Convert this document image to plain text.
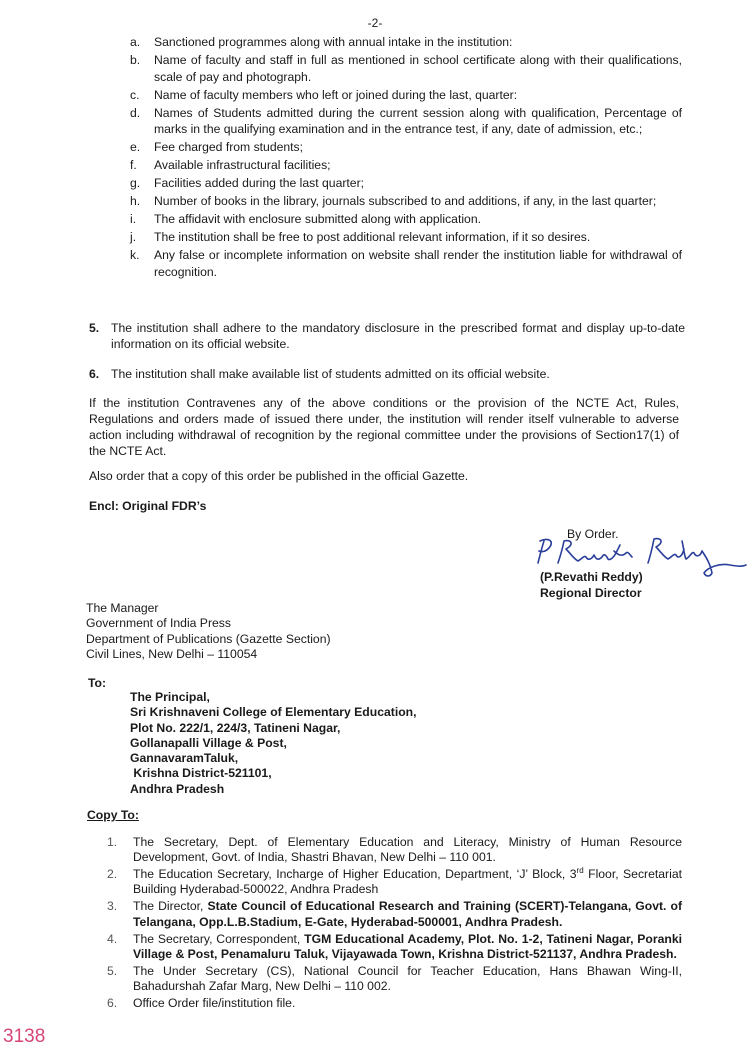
-2-
a.	Sanctioned programmes along with annual intake in the institution:
b.	Name of faculty and staff in full as mentioned in school certificate along with their qualifications, scale of pay and photograph.
c.	Name of faculty members who left or joined during the last, quarter:
d.	Names of Students admitted during the current session along with qualification, Percentage of marks in the qualifying examination and in the entrance test, if any, date of admission, etc.;
e.	Fee charged from students;
f.	Available infrastructural facilities;
g.	Facilities added during the last quarter;
h.	Number of books in the library, journals subscribed to and additions, if any, in the last quarter;
i.	The affidavit with enclosure submitted along with application.
j.	The institution shall be free to post additional relevant information, if it so desires.
k.	Any false or incomplete information on website shall render the institution liable for withdrawal of recognition.
5. The institution shall adhere to the mandatory disclosure in the prescribed format and display up-to-date information on its official website.
6. The institution shall make available list of students admitted on its official website.
If the institution Contravenes any of the above conditions or the provision of the NCTE Act, Rules, Regulations and orders made of issued there under, the institution will render itself vulnerable to adverse action including withdrawal of recognition by the regional committee under the provisions of Section17(1) of the NCTE Act.
Also order that a copy of this order be published in the official Gazette.
Encl: Original FDR’s
By Order.
(P.Revathi Reddy)
Regional Director
The Manager
Government of India Press
Department of Publications (Gazette Section)
Civil Lines, New Delhi – 110054
To:
The Principal,
Sri Krishnaveni College of Elementary Education,
Plot No. 222/1, 224/3, Tatineni Nagar,
Gollanapalli Village & Post,
GannavaramTaluk,
Krishna District-521101,
Andhra Pradesh
Copy To:
1. The Secretary, Dept. of Elementary Education and Literacy, Ministry of Human Resource Development, Govt. of India, Shastri Bhavan, New Delhi – 110 001.
2. The Education Secretary, Incharge of Higher Education, Department, ‘J’ Block, 3rd Floor, Secretariat Building Hyderabad-500022, Andhra Pradesh
3. The Director, State Council of Educational Research and Training (SCERT)-Telangana, Govt. of Telangana, Opp.L.B.Stadium, E-Gate, Hyderabad-500001, Andhra Pradesh.
4. The Secretary, Correspondent, TGM Educational Academy, Plot. No. 1-2, Tatineni Nagar, Poranki Village & Post, Penamaluru Taluk, Vijayawada Town, Krishna District-521137, Andhra Pradesh.
5. The Under Secretary (CS), National Council for Teacher Education, Hans Bhawan Wing-II, Bahadurshah Zafar Marg, New Delhi – 110 002.
6. Office Order file/institution file.
3138
